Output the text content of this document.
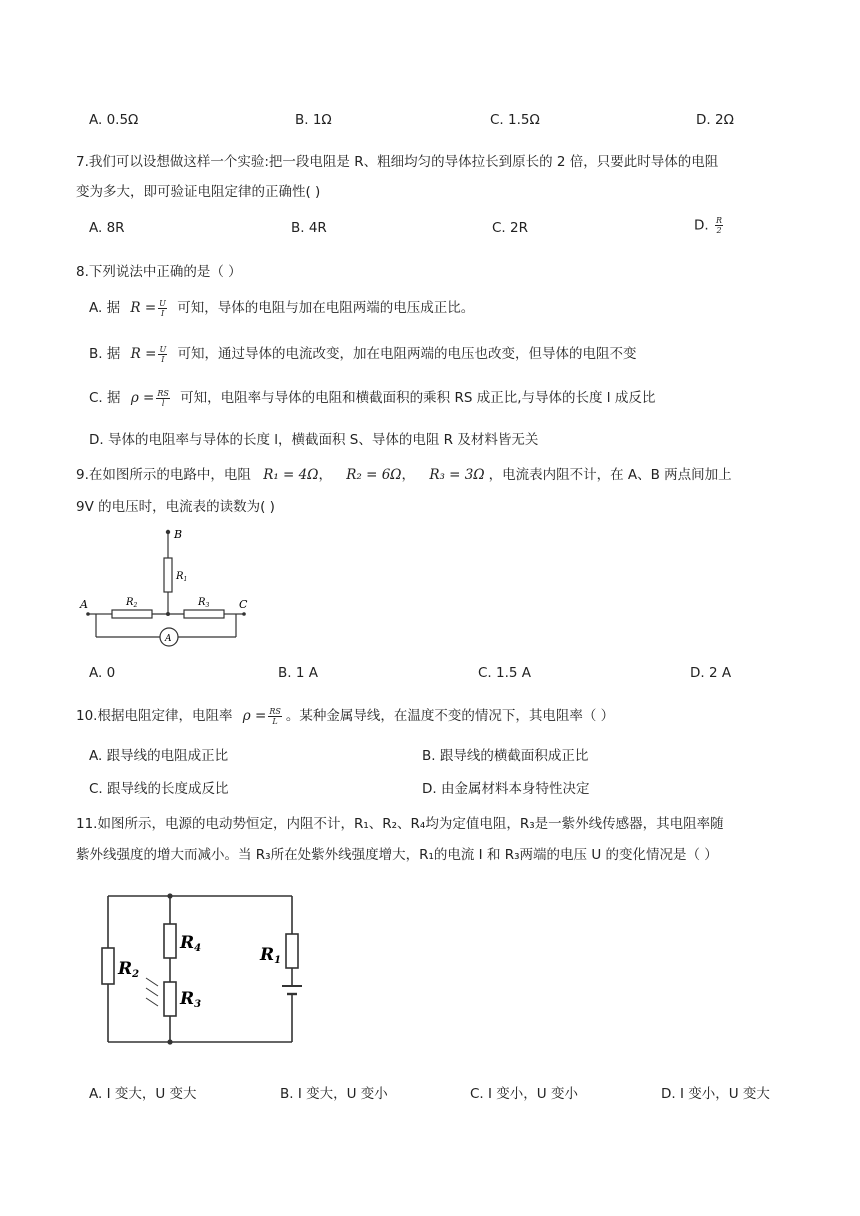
A. 0.5Ω	B. 1Ω	C. 1.5Ω	D. 2Ω
7.我们可以设想做这样一个实验:把一段电阻是 R、粗细均匀的导体拉长到原长的 2 倍，只要此时导体的电阻
变为多大，即可验证电阻定律的正确性( )
A. 8R	B. 4R	C. 2R	D. $\frac{R}{2}$
8.下列说法中正确的是（ ）
A. 据 $R = \frac{U}{I}$ 可知，导体的电阻与加在电阻两端的电压成正比。
B. 据 $R = \frac{U}{I}$ 可知，通过导体的电流改变，加在电阻两端的电压也改变，但导体的电阻不变
C. 据 $\rho = \frac{RS}{l}$ 可知，电阻率与导体的电阻和横截面积的乘积 RS 成正比,与导体的长度 l 成反比
D. 导体的电阻率与导体的长度 l，横截面积 S、导体的电阻 R 及材料皆无关
9.在如图所示的电路中，电阻 R₁ = 4Ω， R₂ = 6Ω， R₃ = 3Ω ，电流表内阻不计，在 A、B 两点间加上
9V 的电压时，电流表的读数为( )
B
A	C
$R_1$
$R_2$	$R_3$
A
A. 0	B. 1 A	C. 1.5 A	D. 2 A
10.根据电阻定律，电阻率 $\rho = \frac{RS}{L}$ 。某种金属导线，在温度不变的情况下，其电阻率（ ）
A. 跟导线的电阻成正比	B. 跟导线的横截面积成正比
C. 跟导线的长度成反比	D. 由金属材料本身特性决定
11.如图所示，电源的电动势恒定，内阻不计，R₁、R₂、R₄均为定值电阻，R₃是一紫外线传感器，其电阻率随
紫外线强度的增大而减小。当 R₃所在处紫外线强度增大，R₁的电流 I 和 R₃两端的电压 U 的变化情况是（ ）
R2
R4
R3
R1
A. I 变大，U 变大	B. I 变大，U 变小	C. I 变小，U 变小	D. I 变小，U 变大
